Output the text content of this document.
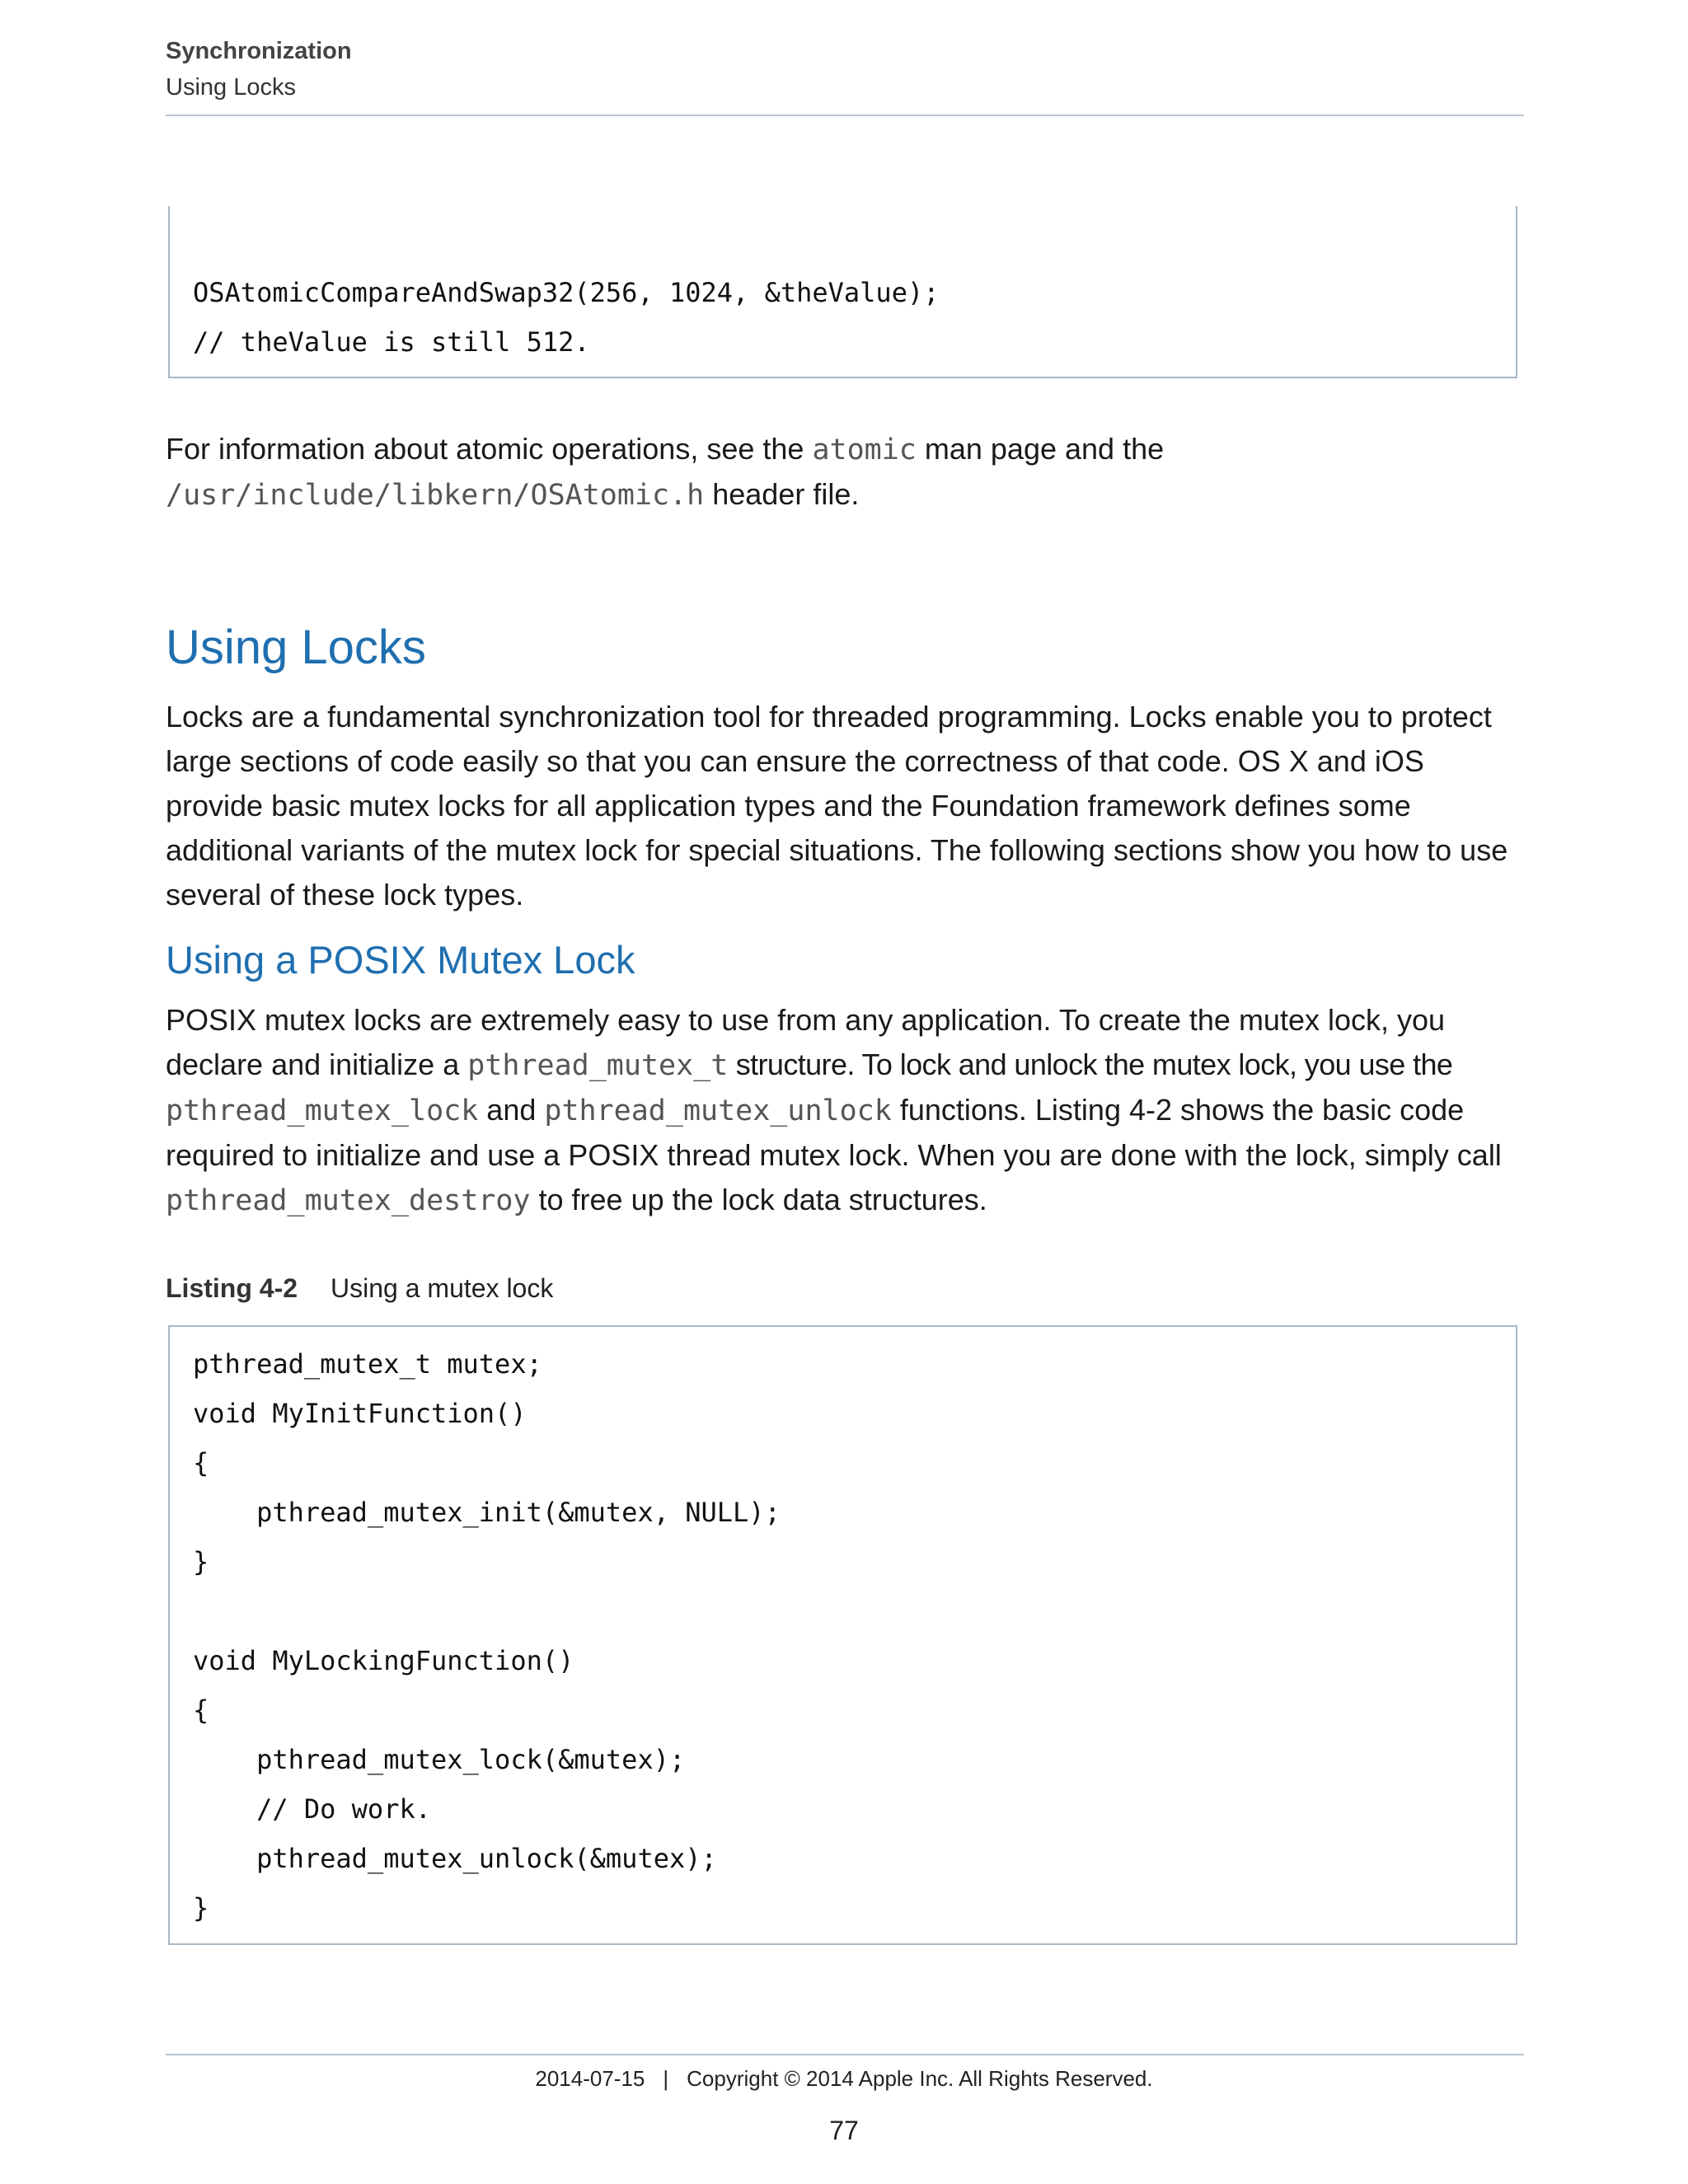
Synchronization
Using Locks
OSAtomicCompareAndSwap32(256, 1024, &theValue);
// theValue is still 512.
For information about atomic operations, see the atomic man page and the
/usr/include/libkern/OSAtomic.h header file.
Using Locks
Locks are a fundamental synchronization tool for threaded programming. Locks enable you to protect large sections of code easily so that you can ensure the correctness of that code. OS X and iOS provide basic mutex locks for all application types and the Foundation framework defines some additional variants of the mutex lock for special situations. The following sections show you how to use several of these lock types.
Using a POSIX Mutex Lock
POSIX mutex locks are extremely easy to use from any application. To create the mutex lock, you declare and initialize a pthread_mutex_t structure. To lock and unlock the mutex lock, you use the pthread_mutex_lock and pthread_mutex_unlock functions. Listing 4-2 shows the basic code required to initialize and use a POSIX thread mutex lock. When you are done with the lock, simply call pthread_mutex_destroy to free up the lock data structures.
Listing 4-2 Using a mutex lock
pthread_mutex_t mutex;
void MyInitFunction()
{
pthread_mutex_init(&mutex, NULL);
}
void MyLockingFunction()
{
pthread_mutex_lock(&mutex);
// Do work.
pthread_mutex_unlock(&mutex);
}
2014-07-15 | Copyright © 2014 Apple Inc. All Rights Reserved.
77
